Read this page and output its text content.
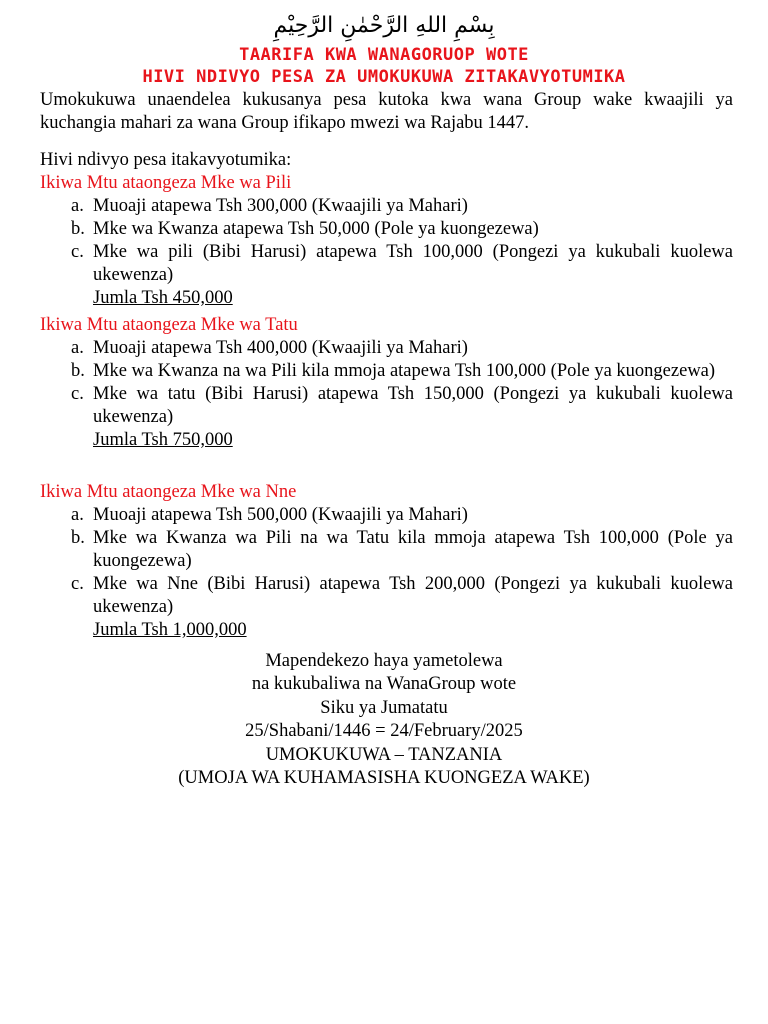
بِسْمِ اللهِ الرَّحْمٰنِ الرَّحِيْمِ
TAARIFA KWA WANAGORUOP WOTE
HIVI NDIVYO PESA ZA UMOKUKUWA ZITAKAVYOTUMIKA
Umokukuwa unaendelea kukusanya pesa kutoka kwa wana Group wake kwaajili ya kuchangia mahari za wana Group ifikapo mwezi wa Rajabu 1447.
Hivi ndivyo pesa itakavyotumika:
Ikiwa Mtu ataongeza Mke wa Pili
a. Muoaji atapewa Tsh 300,000 (Kwaajili ya Mahari)
b. Mke wa Kwanza atapewa Tsh 50,000 (Pole ya kuongezewa)
c. Mke wa pili (Bibi Harusi) atapewa Tsh 100,000 (Pongezi ya kukubali kuolewa ukewenza)
Jumla Tsh 450,000
Ikiwa Mtu ataongeza Mke wa Tatu
a. Muoaji atapewa Tsh 400,000 (Kwaajili ya Mahari)
b. Mke wa Kwanza na wa Pili kila mmoja atapewa Tsh 100,000 (Pole ya kuongezewa)
c. Mke wa tatu (Bibi Harusi) atapewa Tsh 150,000 (Pongezi ya kukubali kuolewa ukewenza)
Jumla Tsh 750,000
Ikiwa Mtu ataongeza Mke wa Nne
a. Muoaji atapewa Tsh 500,000 (Kwaajili ya Mahari)
b. Mke wa Kwanza wa Pili na wa Tatu kila mmoja atapewa Tsh 100,000 (Pole ya kuongezewa)
c. Mke wa Nne (Bibi Harusi) atapewa Tsh 200,000 (Pongezi ya kukubali kuolewa ukewenza)
Jumla Tsh 1,000,000
Mapendekezo haya yametolewa
na kukubaliwa na WanaGroup wote
Siku ya Jumatatu
25/Shabani/1446 = 24/February/2025
UMOKUKUWA – TANZANIA
(UMOJA WA KUHAMASISHA KUONGEZA WAKE)
